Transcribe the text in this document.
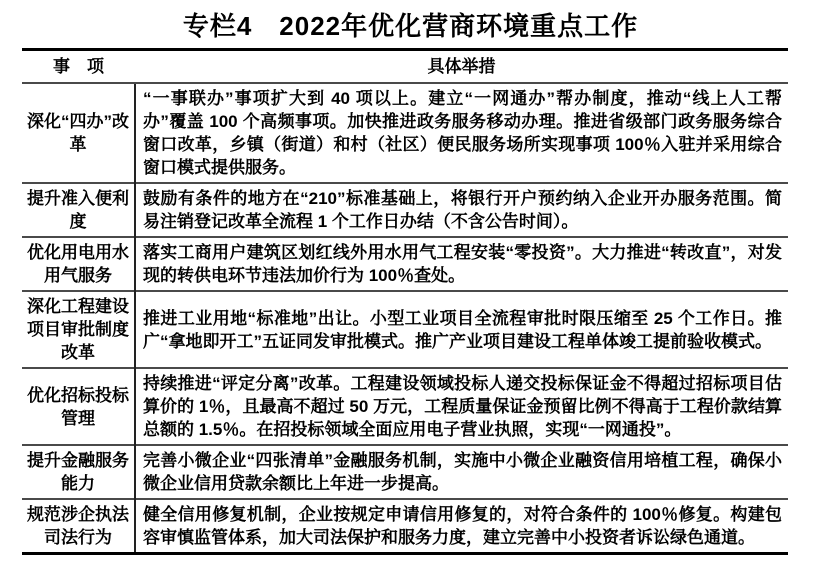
专栏4　2022年优化营商环境重点工作
事　项	具体举措
深化“四办”改革	“一事联办”事项扩大到 40 项以上。建立“一网通办”帮办制度，推动“线上人工帮办”覆盖 100 个高频事项。加快推进政务服务移动办理。推进省级部门政务服务综合窗口改革，乡镇（街道）和村（社区）便民服务场所实现事项 100％入驻并采用综合窗口模式提供服务。
提升准入便利度	鼓励有条件的地方在“210”标准基础上，将银行开户预约纳入企业开办服务范围。简易注销登记改革全流程 1 个工作日办结（不含公告时间）。
优化用电用水用气服务	落实工商用户建筑区划红线外用水用气工程安装“零投资”。大力推进“转改直”，对发现的转供电环节违法加价行为 100％查处。
深化工程建设项目审批制度改革	推进工业用地“标准地”出让。小型工业项目全流程审批时限压缩至 25 个工作日。推广“拿地即开工”五证同发审批模式。推广产业项目建设工程单体竣工提前验收模式。
优化招标投标管理	持续推进“评定分离”改革。工程建设领域投标人递交投标保证金不得超过招标项目估算价的 1％，且最高不超过 50 万元，工程质量保证金预留比例不得高于工程价款结算总额的 1.5％。在招投标领域全面应用电子营业执照，实现“一网通投”。
提升金融服务能力	完善小微企业“四张清单”金融服务机制，实施中小微企业融资信用培植工程，确保小微企业信用贷款余额比上年进一步提高。
规范涉企执法司法行为	健全信用修复机制，企业按规定申请信用修复的，对符合条件的 100％修复。构建包容审慎监管体系，加大司法保护和服务力度，建立完善中小投资者诉讼绿色通道。
